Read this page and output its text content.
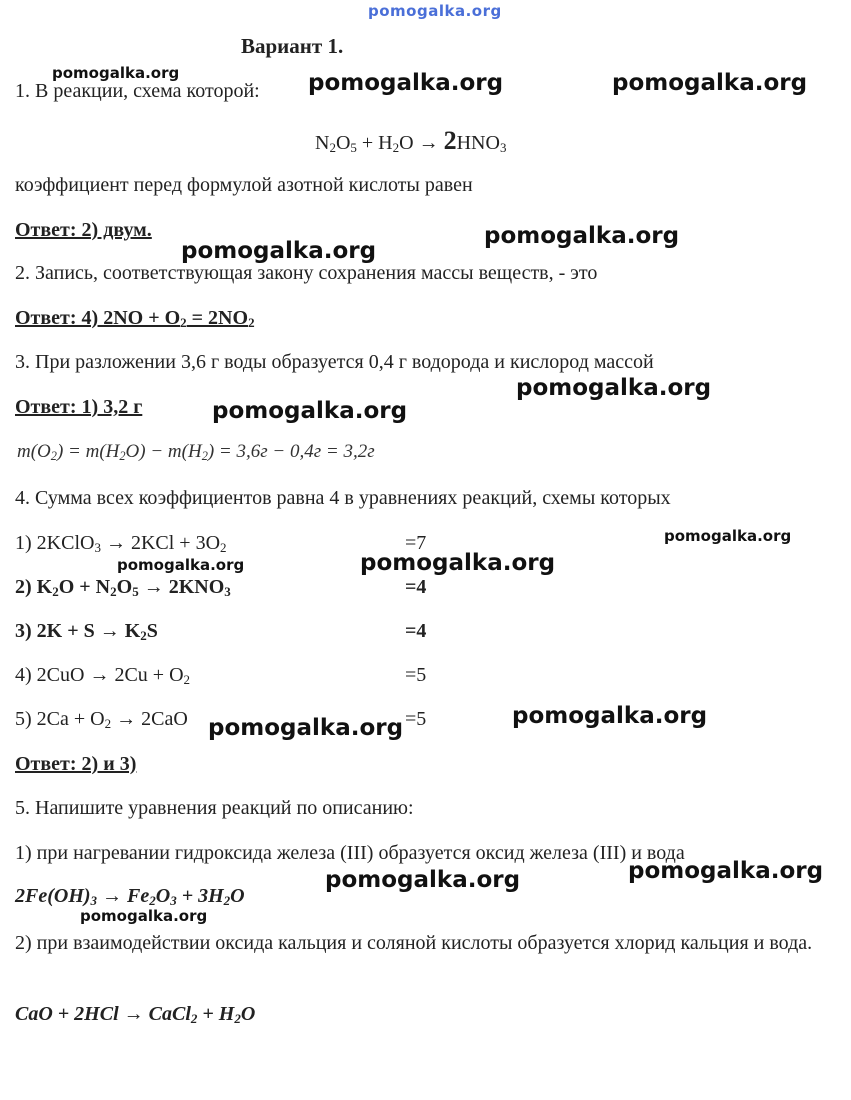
pomogalka.org
Вариант 1.
1. В реакции, схема которой:
$N_2O_5 + H_2O \to 2HNO_3$
коэффициент перед формулой азотной кислоты равен
Ответ: 2) двум.
2. Запись, соответствующая закону сохранения массы веществ, - это
Ответ: 4) $2NO + O_2 = 2NO_2$
3. При разложении 3,6 г воды образуется 0,4 г водорода и кислород массой
Ответ: 1) 3,2 г
$m(O_2) = m(H_2O) - m(H_2) = 3,6г - 0,4г = 3,2г$
4. Сумма всех коэффициентов равна 4 в уравнениях реакций, схемы которых
1) 2KClO$_3$ → $2KCl + 3O_2$	=7
2) $K_2O + N_2O_5 \to 2KNO_3$	=4
3) $2K + S \to K_2S$	=4
4) $2CuO \to 2Cu + O_2$	=5
5) $2Ca + O_2 \to 2CaO$	=5
Ответ: 2) и 3)
5. Напишите уравнения реакций по описанию:
1) при нагревании гидроксида железа (III) образуется оксид железа (III) и вода
$2Fe(OH)_3 \to Fe_2O_3 + 3H_2O$
2) при взаимодействии оксида кальция и соляной кислоты образуется хлорид кальция и вода.
CaO + 2HCl → CaCl$_2$ + $H_2O$
pomogalka.org	pomogalka.org	pomogalka.org
pomogalka.org
pomogalka.org
pomogalka.org
pomogalka.org
pomogalka.org
pomogalka.org	pomogalka.org
pomogalka.org
pomogalka.org
pomogalka.org
pomogalka.org
pomogalka.org
